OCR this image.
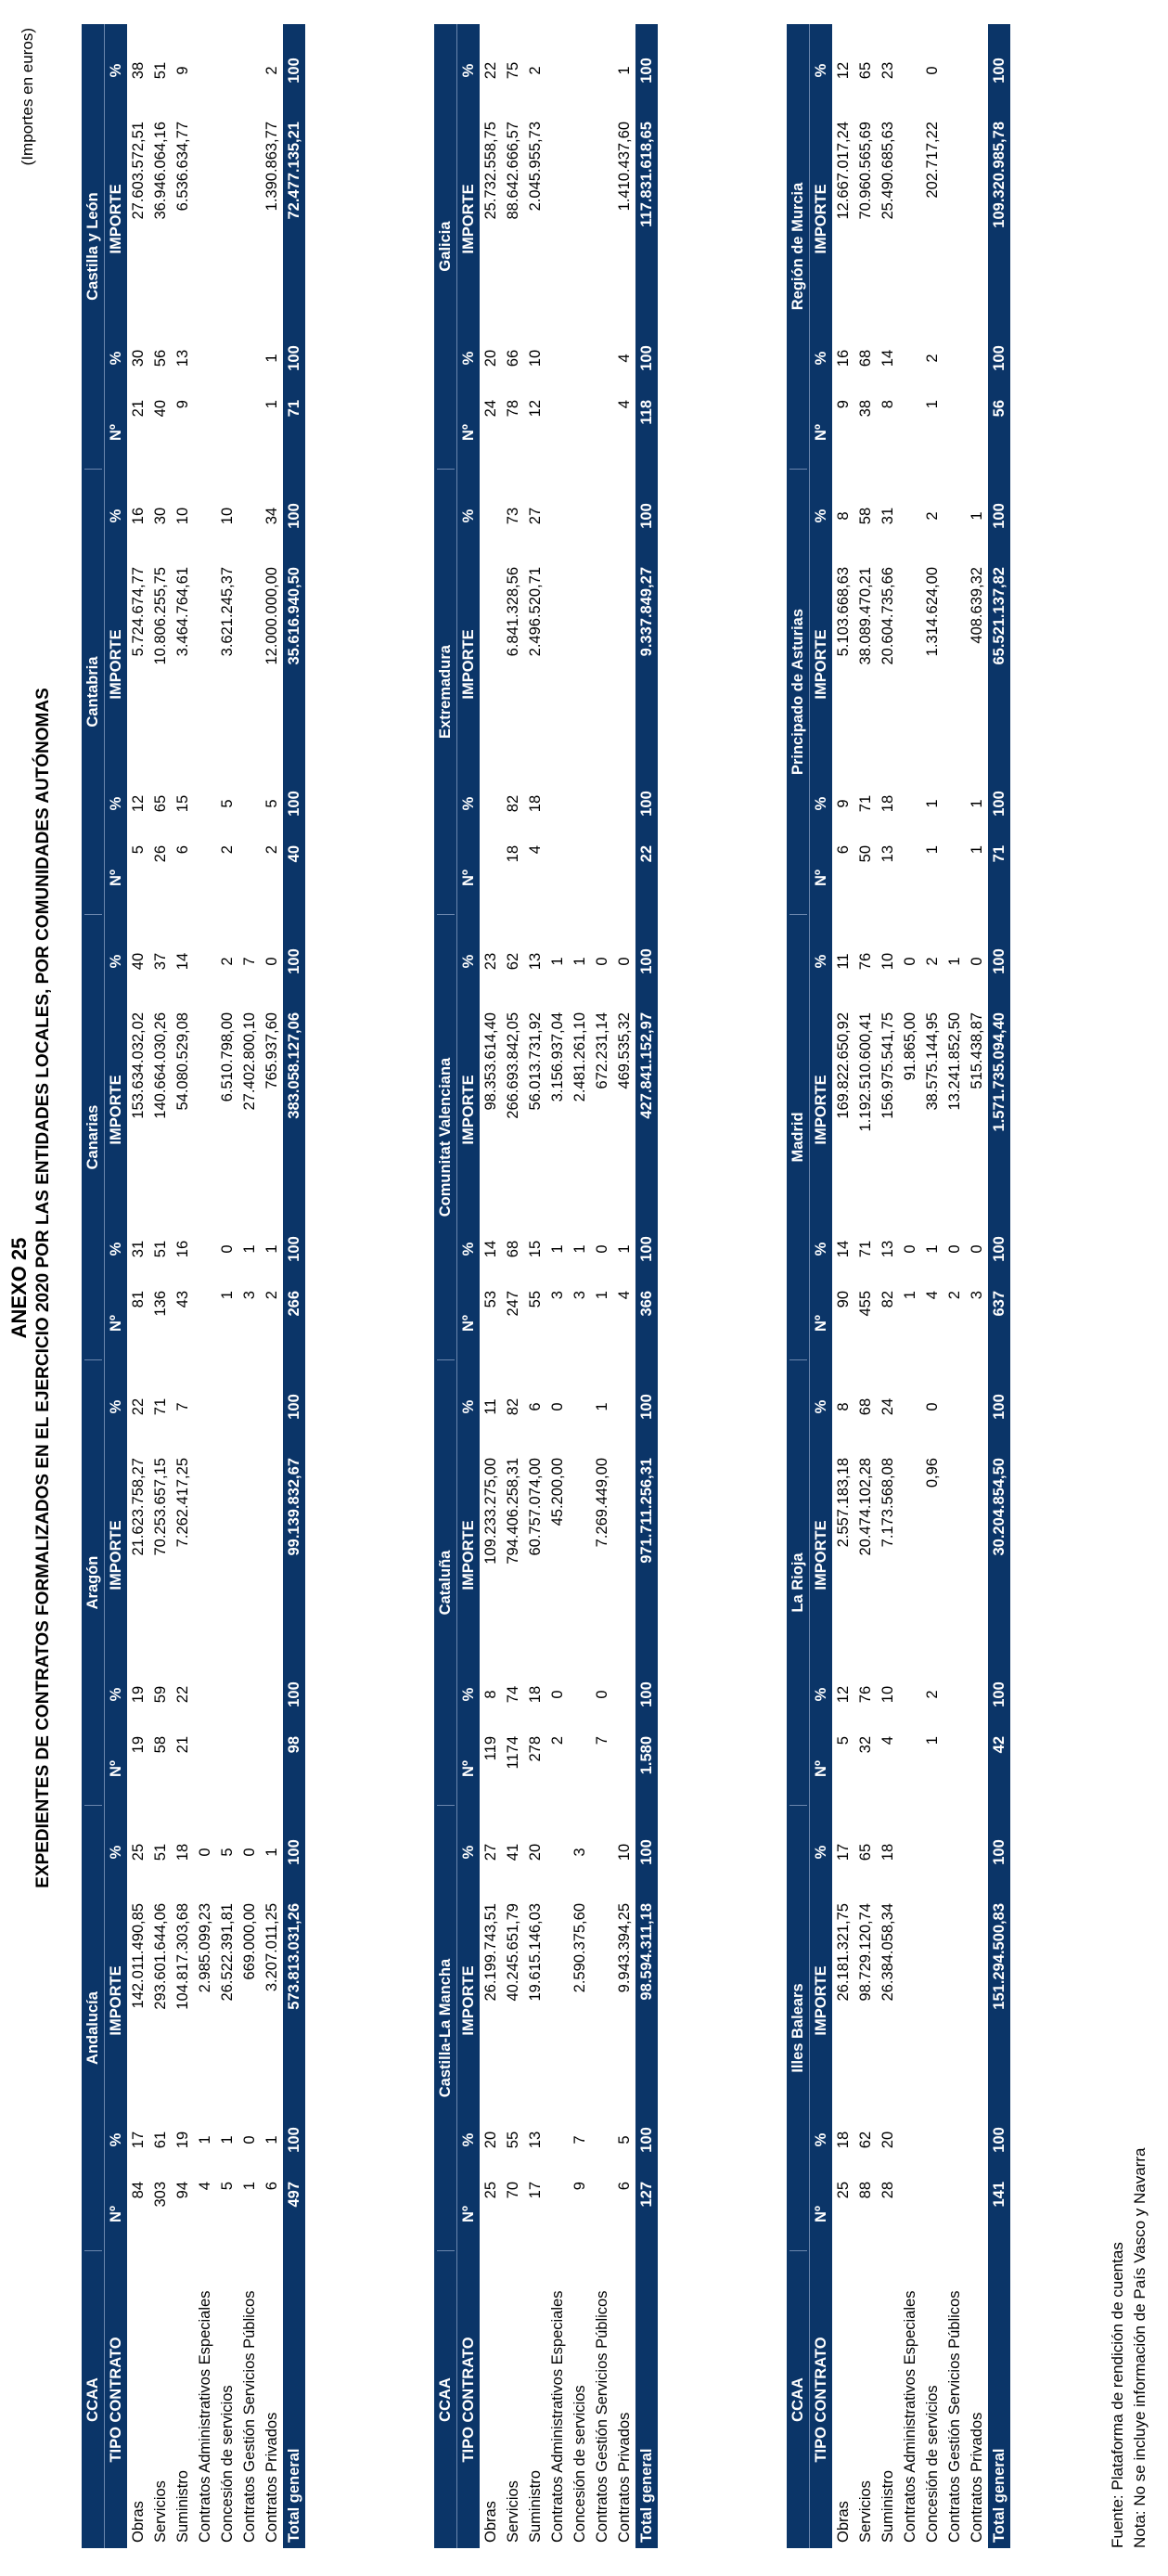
ANEXO 25 EXPEDIENTES DE CONTRATOS FORMALIZADOS EN EL EJERCICIO 2020 POR LAS ENTIDADES LOCALES, POR COMUNIDADES AUTÓNOMAS
(Importes en euros)
CCAA
Andalucía
Aragón
Canarias
Cantabria
Castilla y León
TIPO CONTRATO
Nº
%
IMPORTE
%
Nº
%
IMPORTE
%
Nº
%
IMPORTE
%
Nº
%
IMPORTE
%
Nº
%
IMPORTE
%
Obras
84
17
142.011.490,85
25
19
19
21.623.758,27
22
81
31
153.634.032,02
40
5
12
5.724.674,77
16
21
30
27.603.572,51
38
Servicios
303
61
293.601.644,06
51
58
59
70.253.657,15
71
136
51
140.664.030,26
37
26
65
10.806.255,75
30
40
56
36.946.064,16
51
Suministro
94
19
104.817.303,68
18
21
22
7.262.417,25
7
43
16
54.080.529,08
14
6
15
3.464.764,61
10
9
13
6.536.634,77
9
Contratos Administrativos Especiales
4
1
2.985.099,23
0
Concesión de servicios
5
1
26.522.391,81
5
1
0
6.510.798,00
2
2
5
3.621.245,37
10
Contratos Gestión Servicios Públicos
1
0
669.000,00
0
3
1
27.402.800,10
7
Contratos Privados
6
1
3.207.011,25
1
2
1
765.937,60
0
2
5
12.000.000,00
34
1
1
1.390.863,77
2
Total general
497
100
573.813.031,26
100
98
100
99.139.832,67
100
266
100
383.058.127,06
100
40
100
35.616.940,50
100
71
100
72.477.135,21
100
CCAA
Castilla-La Mancha
Cataluña
Comunitat Valenciana
Extremadura
Galicia
TIPO CONTRATO
Nº
%
IMPORTE
%
Nº
%
IMPORTE
%
Nº
%
IMPORTE
%
Nº
%
IMPORTE
%
Nº
%
IMPORTE
%
Obras
25
20
26.199.743,51
27
119
8
109.233.275,00
11
53
14
98.353.614,40
23
24
20
25.732.558,75
22
Servicios
70
55
40.245.651,79
41
1174
74
794.406.258,31
82
247
68
266.693.842,05
62
18
82
6.841.328,56
73
78
66
88.642.666,57
75
Suministro
17
13
19.615.146,03
20
278
18
60.757.074,00
6
55
15
56.013.731,92
13
4
18
2.496.520,71
27
12
10
2.045.955,73
2
Contratos Administrativos Especiales
2
0
45.200,00
0
3
1
3.156.937,04
1
Concesión de servicios
9
7
2.590.375,60
3
3
1
2.481.261,10
1
Contratos Gestión Servicios Públicos
7
0
7.269.449,00
1
1
0
672.231,14
0
Contratos Privados
6
5
9.943.394,25
10
4
1
469.535,32
0
4
4
1.410.437,60
1
Total general
127
100
98.594.311,18
100
1.580
100
971.711.256,31
100
366
100
427.841.152,97
100
22
100
9.337.849,27
100
118
100
117.831.618,65
100
CCAA
Illes Balears
La Rioja
Madrid
Principado de Asturias
Región de Murcia
TIPO CONTRATO
Nº
%
IMPORTE
%
Nº
%
IMPORTE
%
Nº
%
IMPORTE
%
Nº
%
IMPORTE
%
Nº
%
IMPORTE
%
Obras
25
18
26.181.321,75
17
5
12
2.557.183,18
8
90
14
169.822.650,92
11
6
9
5.103.668,63
8
9
16
12.667.017,24
12
Servicios
88
62
98.729.120,74
65
32
76
20.474.102,28
68
455
71
1.192.510.600,41
76
50
71
38.089.470,21
58
38
68
70.960.565,69
65
Suministro
28
20
26.384.058,34
18
4
10
7.173.568,08
24
82
13
156.975.541,75
10
13
18
20.604.735,66
31
8
14
25.490.685,63
23
Contratos Administrativos Especiales
1
0
91.865,00
0
Concesión de servicios
1
2
0,96
0
4
1
38.575.144,95
2
1
1
1.314.624,00
2
1
2
202.717,22
0
Contratos Gestión Servicios Públicos
2
0
13.241.852,50
1
Contratos Privados
3
0
515.438,87
0
1
1
408.639,32
1
Total general
141
100
151.294.500,83
100
42
100
30.204.854,50
100
637
100
1.571.735.094,40
100
71
100
65.521.137,82
100
56
100
109.320.985,78
100
Fuente: Plataforma de rendición de cuentas Nota: No se incluye información de País Vasco y Navarra
